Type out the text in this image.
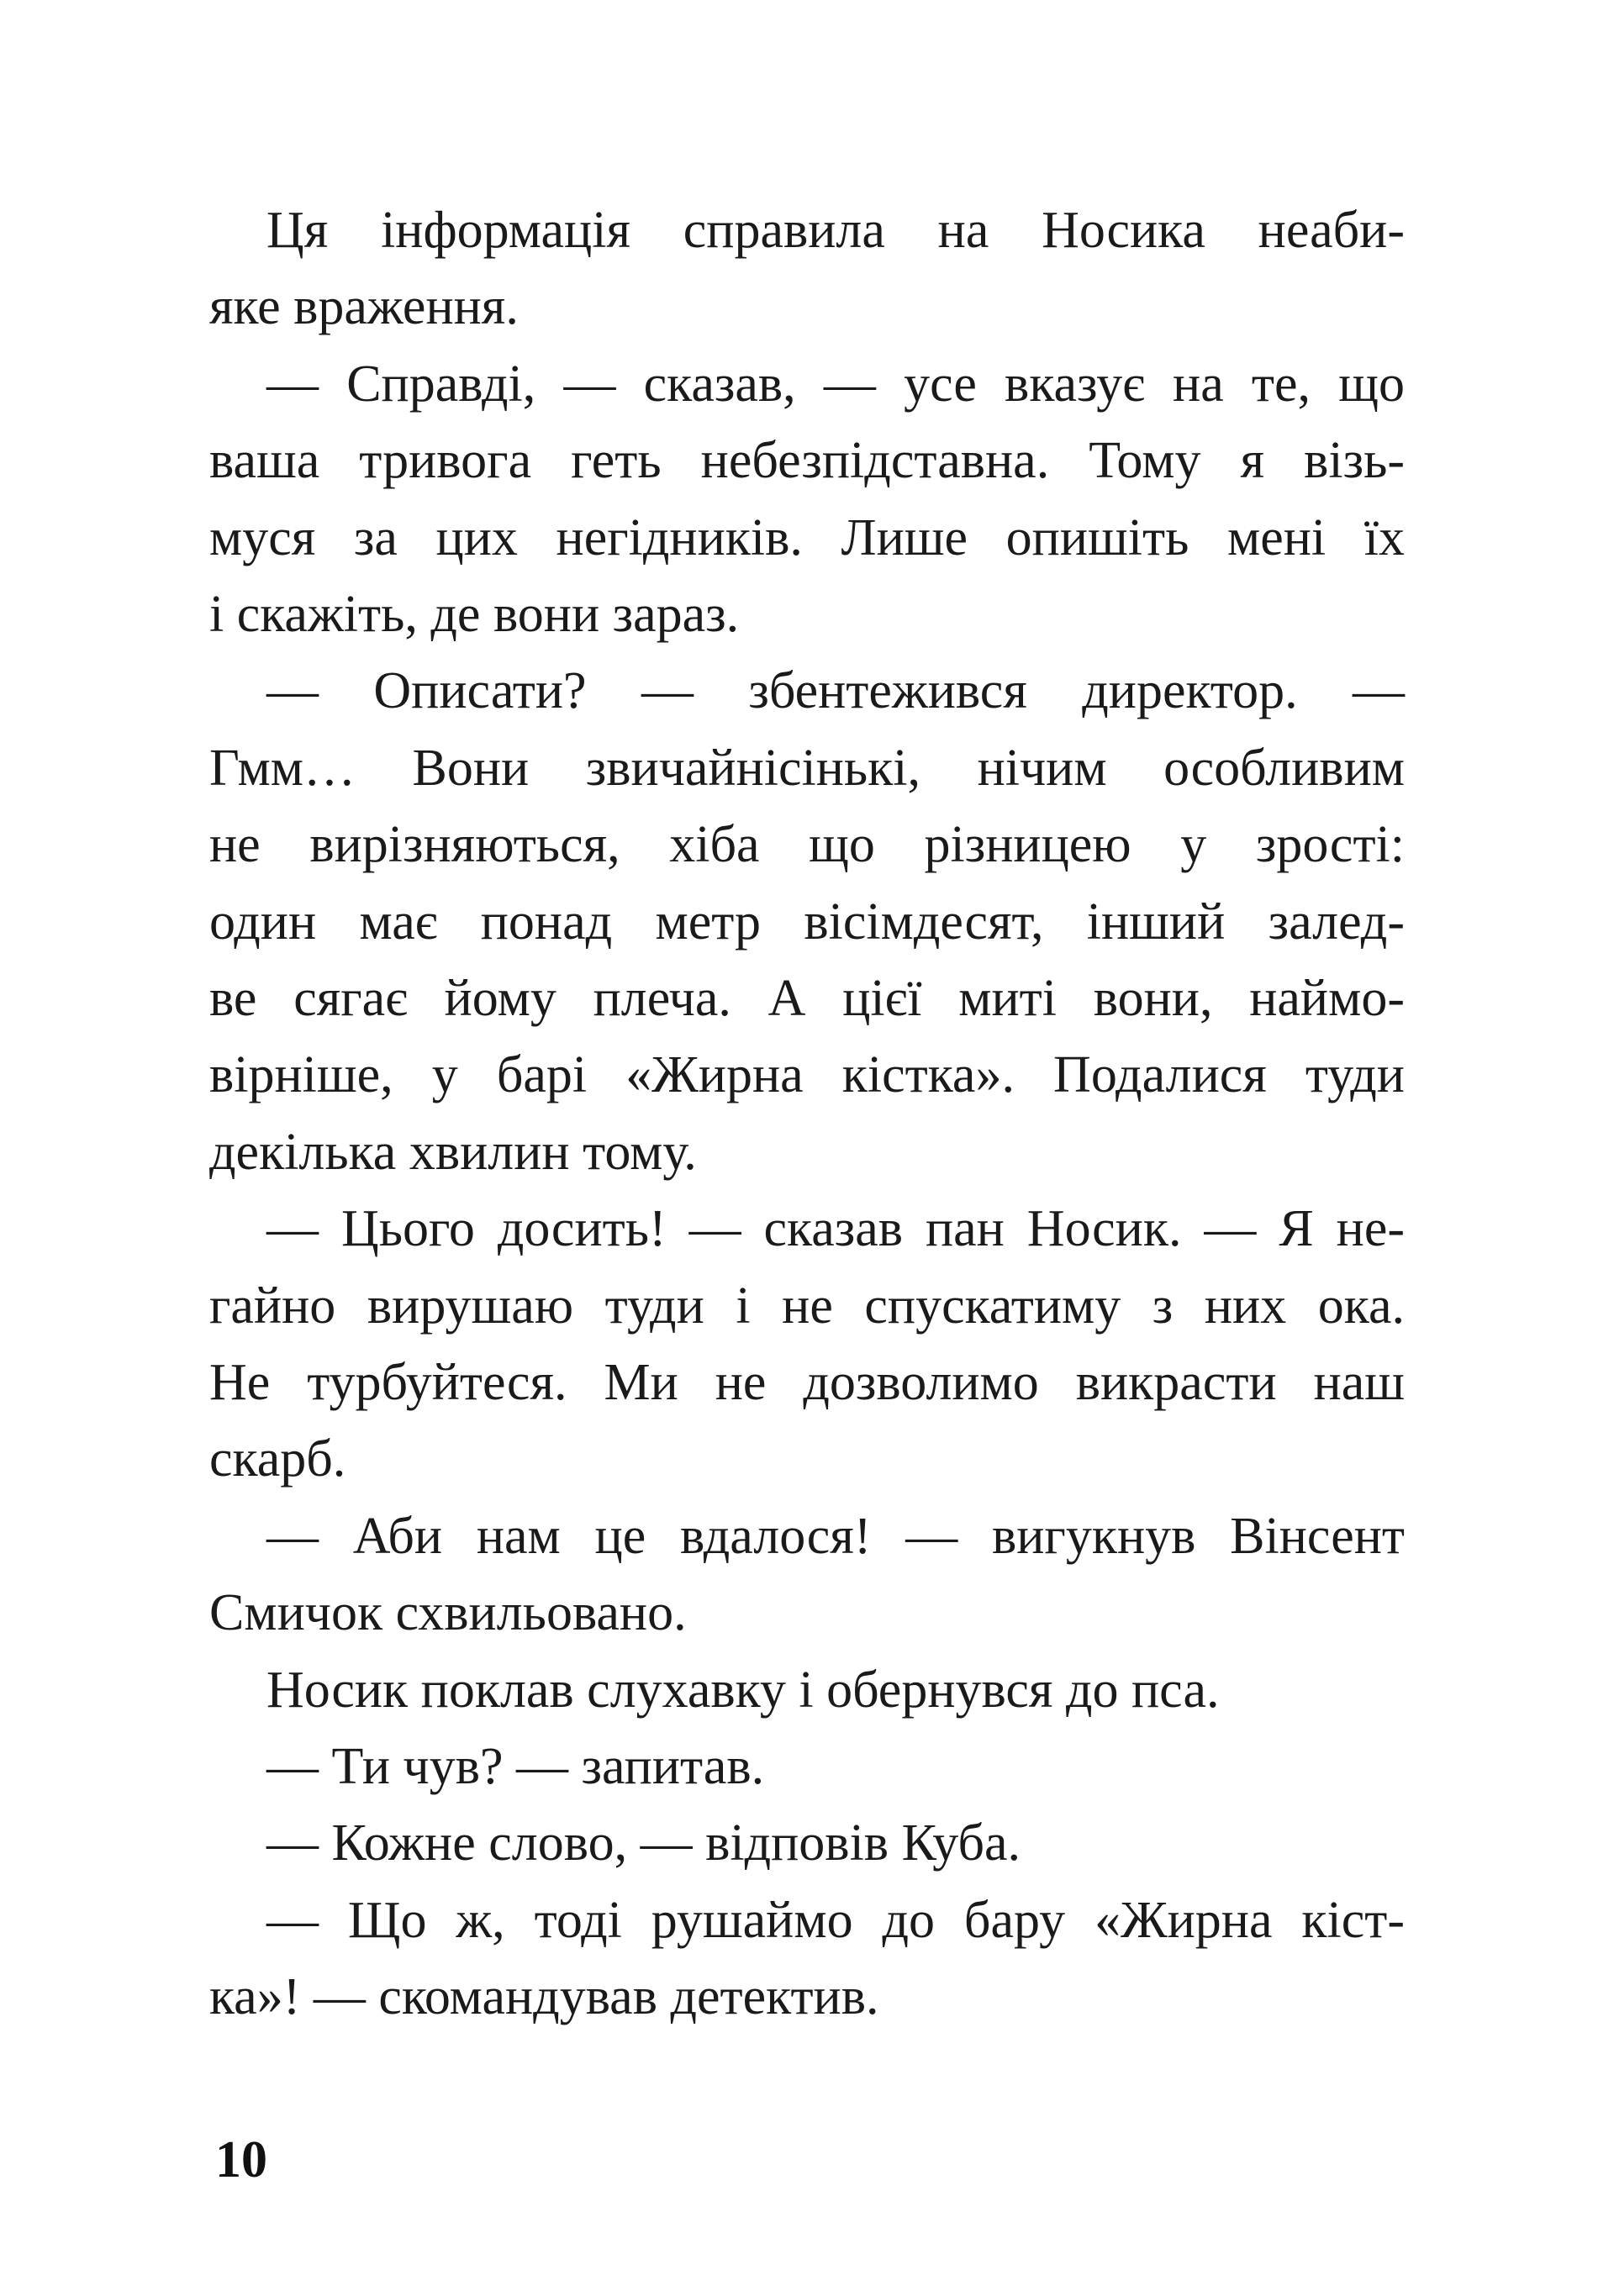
Ця інформація справила на Носика неаби-
яке враження.
— Справді, — сказав, — усе вказує на те, що
ваша тривога геть небезпідставна. Тому я візь-
муся за цих негідників. Лише опишіть мені їх
і скажіть, де вони зараз.
— Описати? — збентежився директор. —
Гмм… Вони звичайнісінькі, нічим особливим
не вирізняються, хіба що різницею у зрості:
один має понад метр вісімдесят, інший залед-
ве сягає йому плеча. А цієї миті вони, наймо-
вірніше, у барі «Жирна кістка». Подалися туди
декілька хвилин тому.
— Цього досить! — сказав пан Носик. — Я не-
гайно вирушаю туди і не спускатиму з них ока.
Не турбуйтеся. Ми не дозволимо викрасти наш
скарб.
— Аби нам це вдалося! — вигукнув Вінсент
Смичок схвильовано.
Носик поклав слухавку і обернувся до пса.
— Ти чув? — запитав.
— Кожне слово, — відповів Куба.
— Що ж, тоді рушаймо до бару «Жирна кіст-
ка»! — скомандував детектив.
10
